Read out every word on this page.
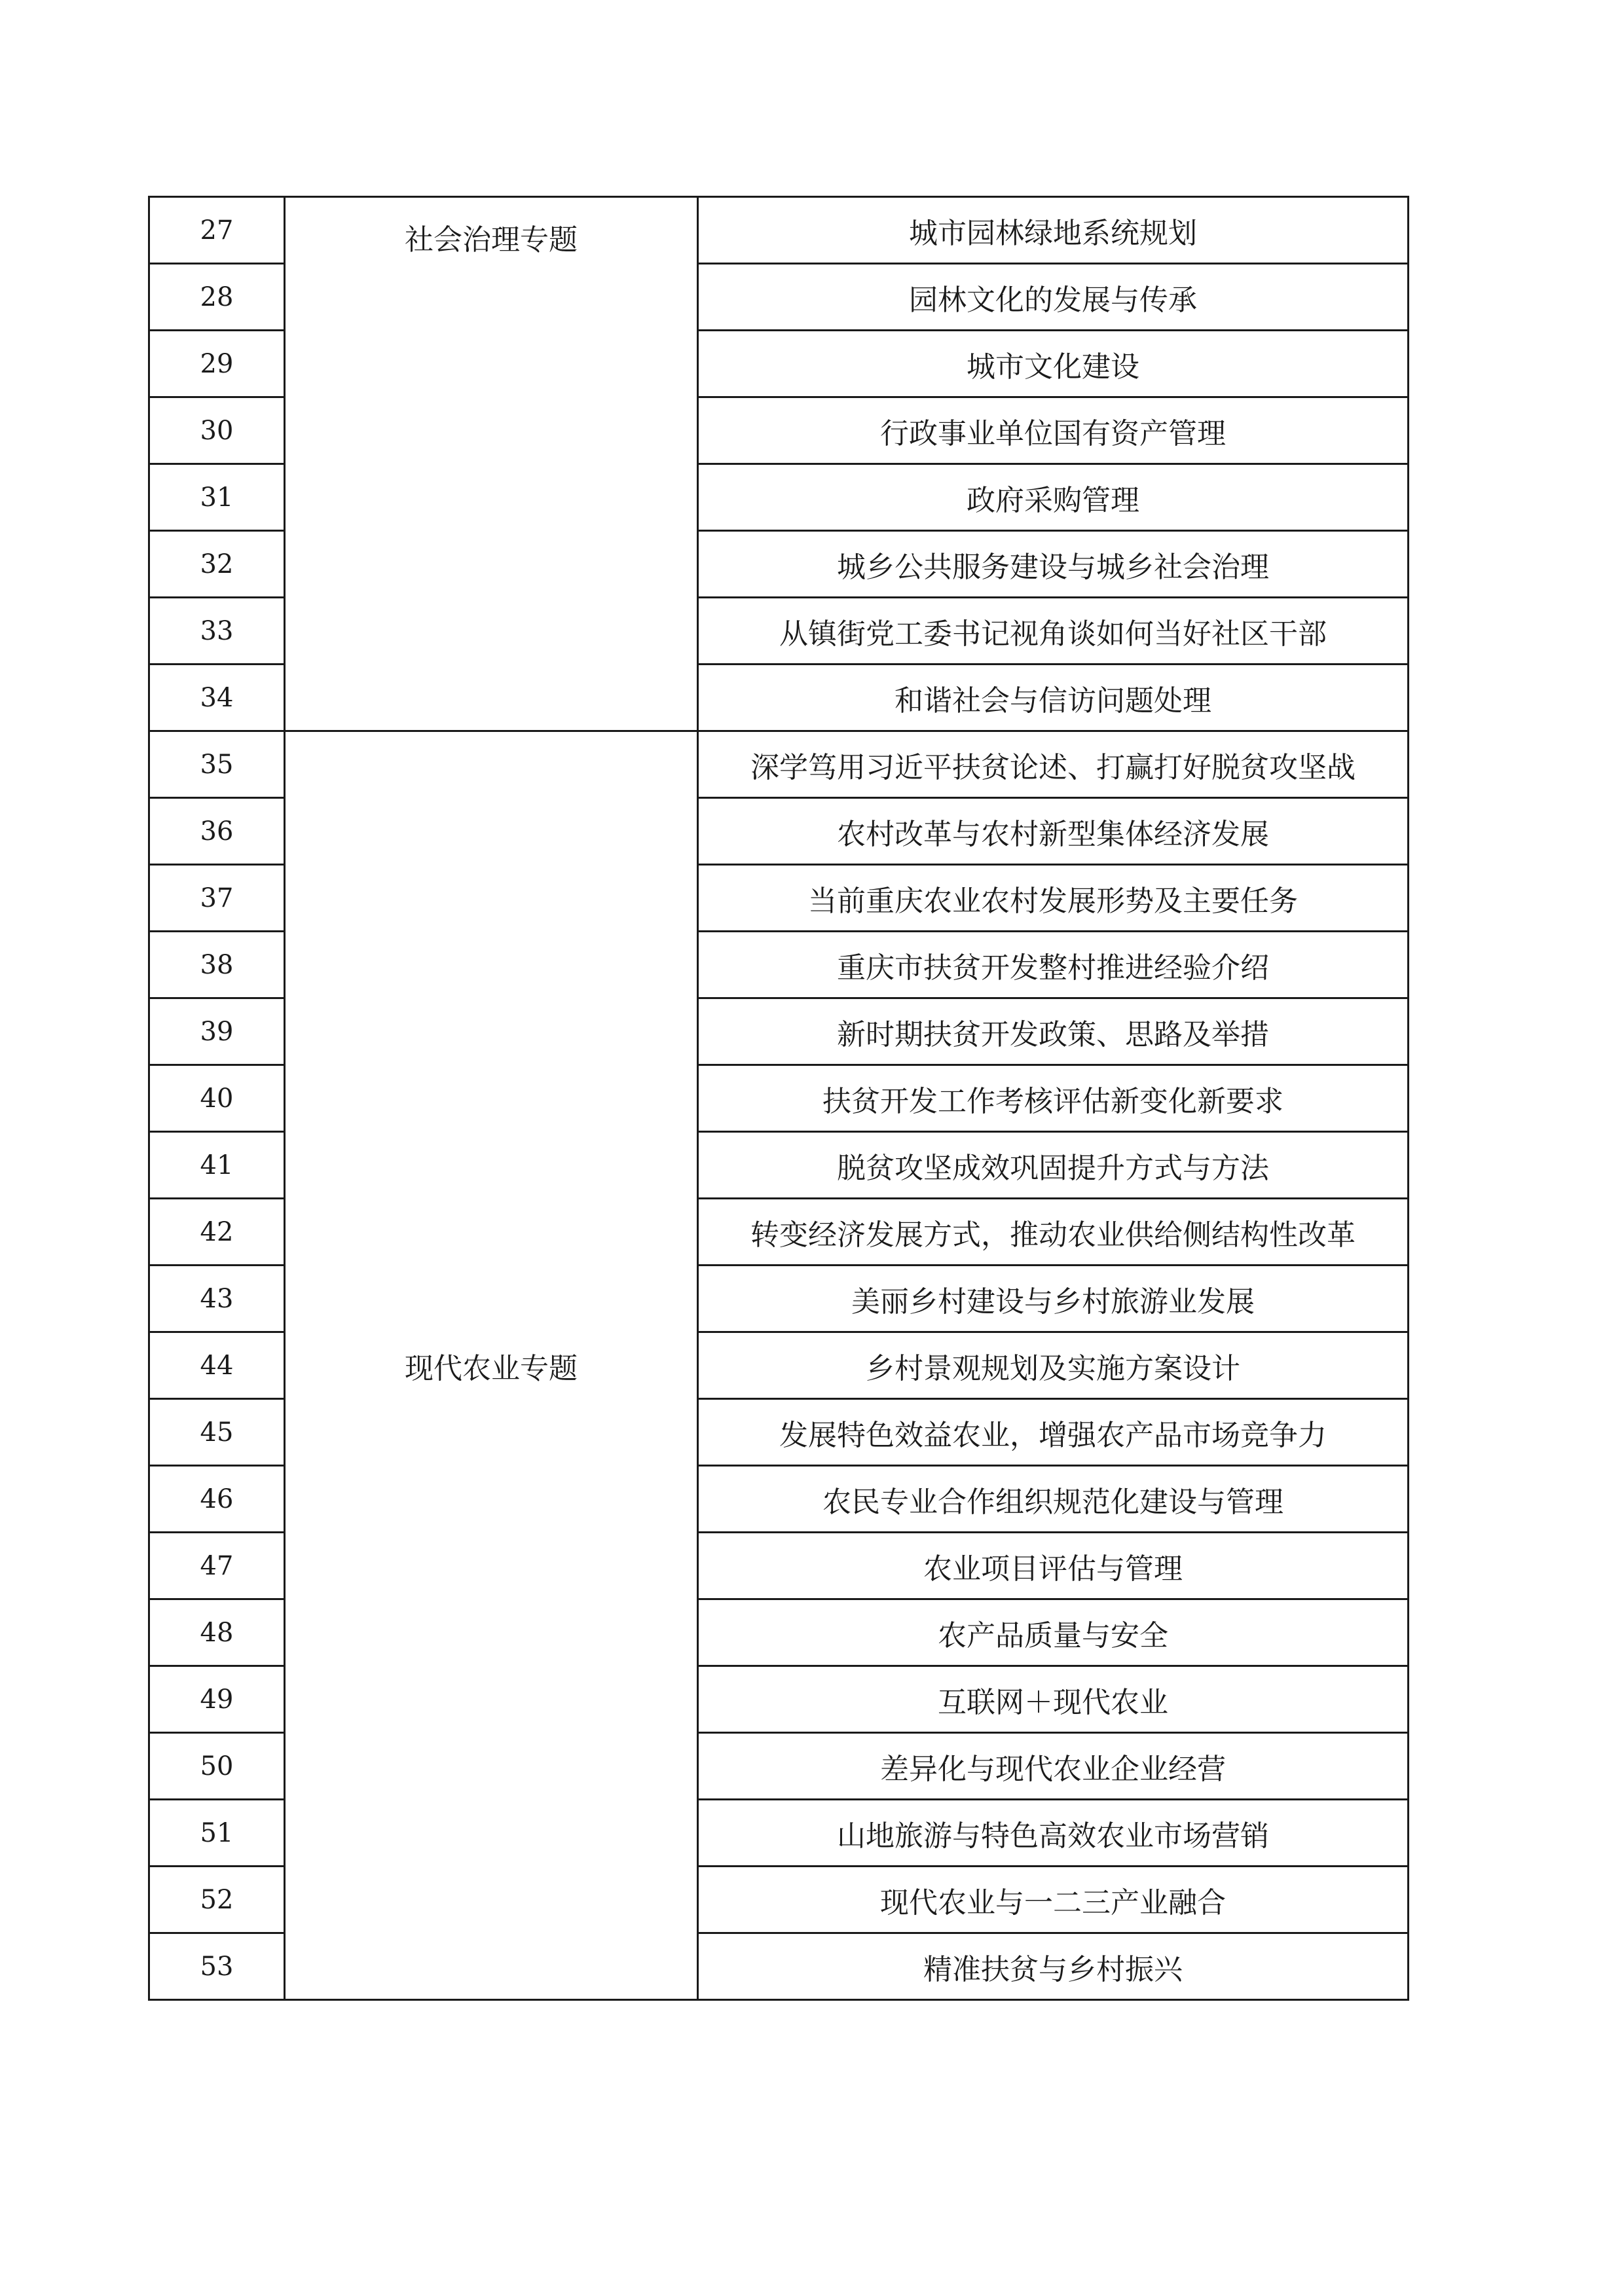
27	社会治理专题	城市园林绿地系统规划
28		园林文化的发展与传承
29		城市文化建设
30		行政事业单位国有资产管理
31		政府采购管理
32		城乡公共服务建设与城乡社会治理
33		从镇街党工委书记视角谈如何当好社区干部
34		和谐社会与信访问题处理
35	现代农业专题	深学笃用习近平扶贫论述、打赢打好脱贫攻坚战
36		农村改革与农村新型集体经济发展
37		当前重庆农业农村发展形势及主要任务
38		重庆市扶贫开发整村推进经验介绍
39		新时期扶贫开发政策、思路及举措
40		扶贫开发工作考核评估新变化新要求
41		脱贫攻坚成效巩固提升方式与方法
42		转变经济发展方式，推动农业供给侧结构性改革
43		美丽乡村建设与乡村旅游业发展
44		乡村景观规划及实施方案设计
45		发展特色效益农业，增强农产品市场竞争力
46		农民专业合作组织规范化建设与管理
47		农业项目评估与管理
48		农产品质量与安全
49		互联网＋现代农业
50		差异化与现代农业企业经营
51		山地旅游与特色高效农业市场营销
52		现代农业与一二三产业融合
53		精准扶贫与乡村振兴
